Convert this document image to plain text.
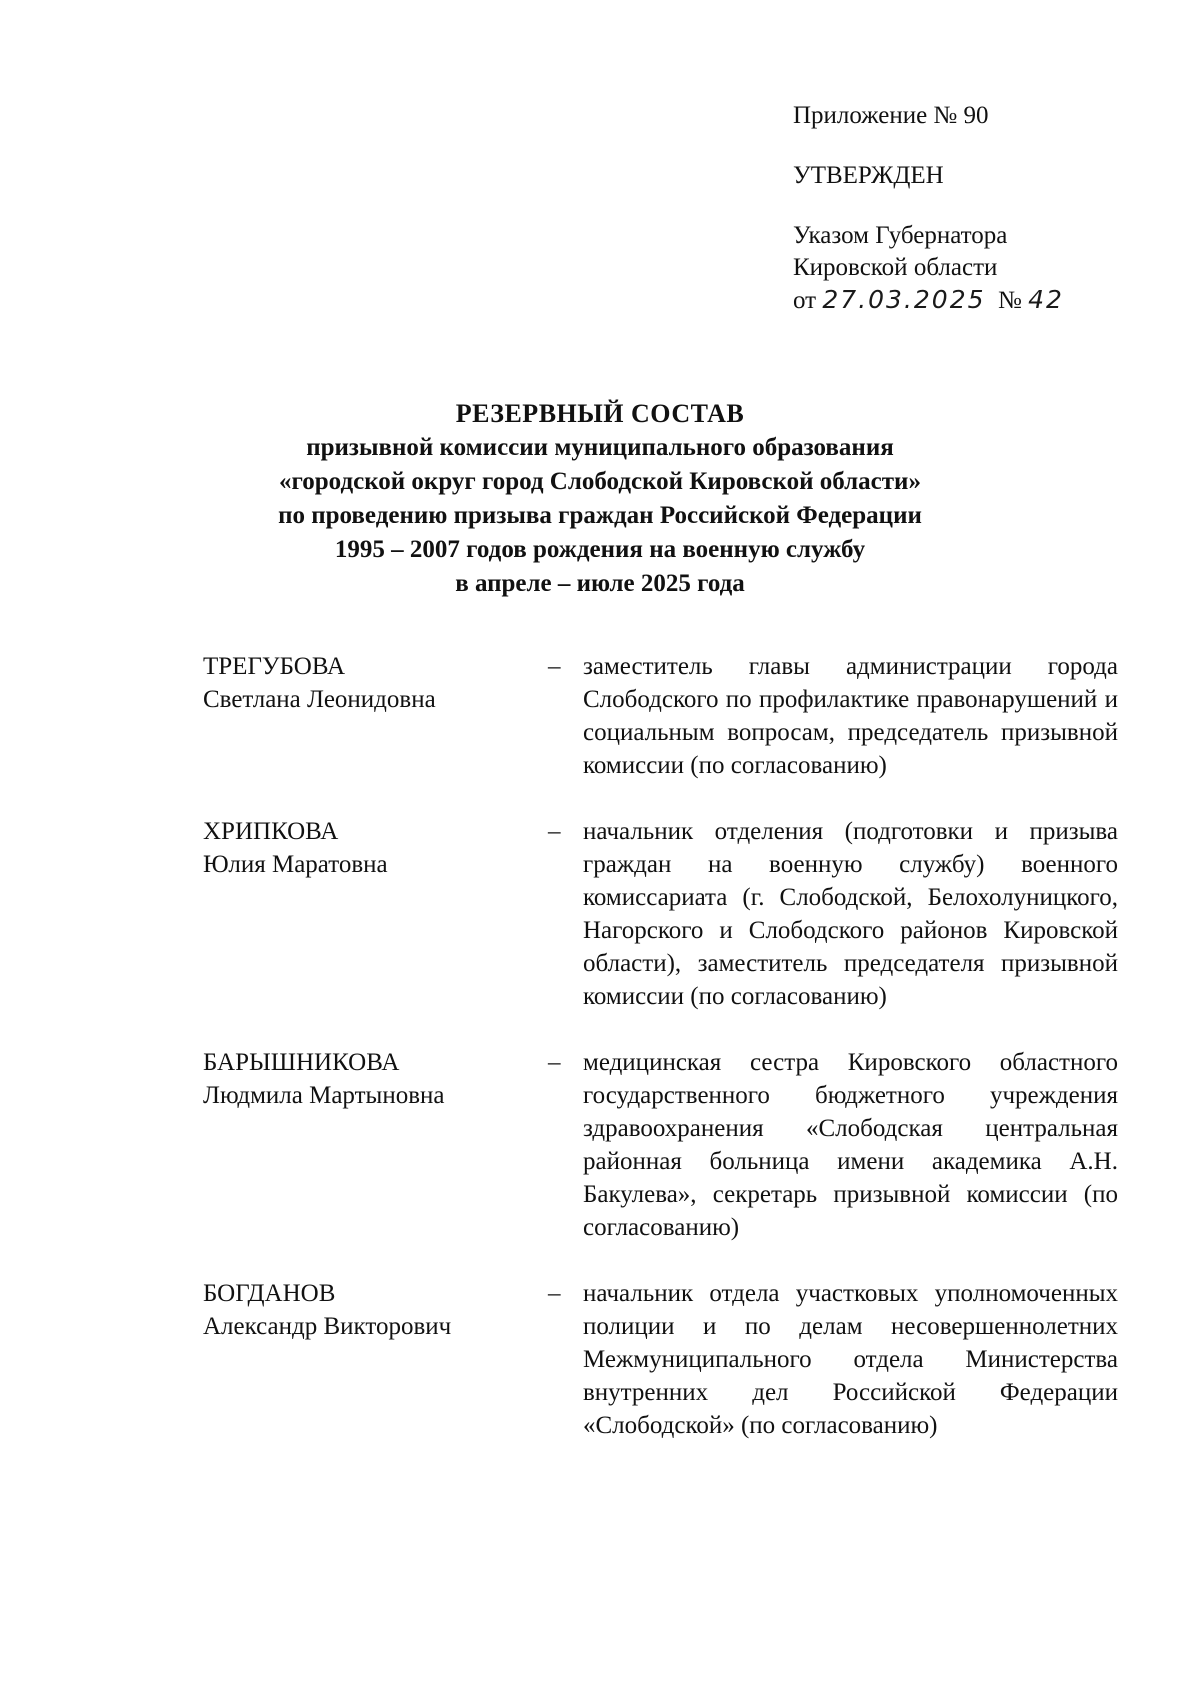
Приложение № 90
УТВЕРЖДЕН
Указом Губернатора
Кировской области
от 27.03.2025 № 42
РЕЗЕРВНЫЙ СОСТАВ
призывной комиссии муниципального образования
«городской округ город Слободской Кировской области»
по проведению призыва граждан Российской Федерации
1995 – 2007 годов рождения на военную службу
в апреле – июле 2025 года
ТРЕГУБОВА
Светлана Леонидовна
– заместитель главы администрации города Слободского по профилактике правонарушений и социальным вопросам, председатель призывной комиссии (по согласованию)
ХРИПКОВА
Юлия Маратовна
– начальник отделения (подготовки и призыва граждан на военную службу) военного комиссариата (г. Слободской, Белохолуницкого, Нагорского и Слободского районов Кировской области), заместитель председателя призывной комиссии (по согласованию)
БАРЫШНИКОВА
Людмила Мартыновна
– медицинская сестра Кировского областного государственного бюджетного учреждения здравоохранения «Слободская центральная районная больница имени академика А.Н. Бакулева», секретарь призывной комиссии (по согласованию)
БОГДАНОВ
Александр Викторович
– начальник отдела участковых уполномоченных полиции и по делам несовершеннолетних Межмуниципального отдела Министерства внутренних дел Российской Федерации «Слободской» (по согласованию)
